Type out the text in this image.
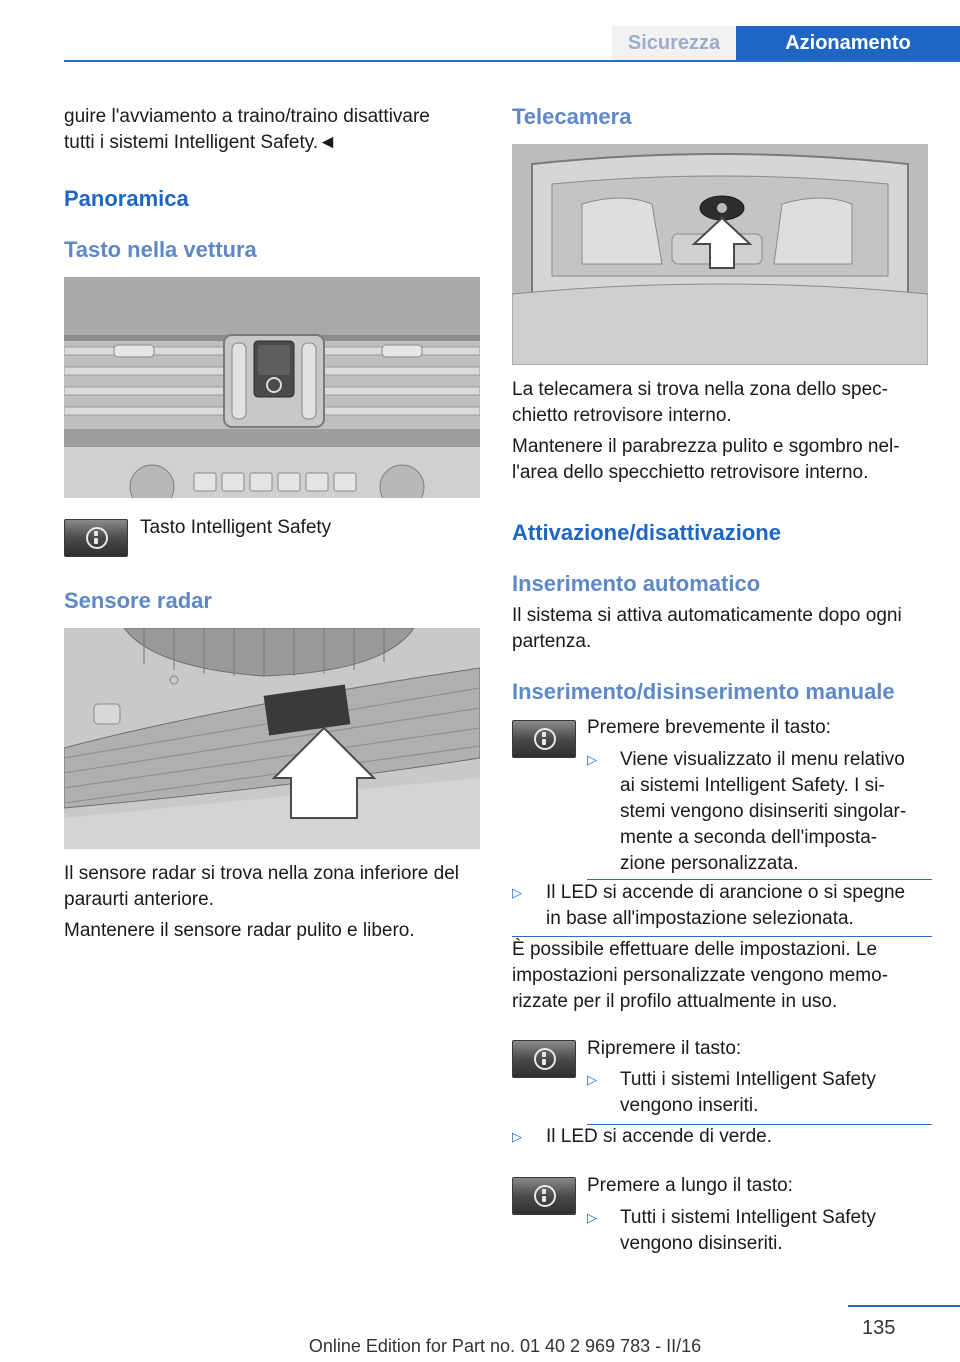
Sicurezza	Azionamento
guire l'avviamento a traino/traino disattivare
tutti i sistemi Intelligent Safety.◄
Panoramica
Tasto nella vettura
Tasto Intelligent Safety
Sensore radar
Il sensore radar si trova nella zona inferiore del
paraurti anteriore.
Mantenere il sensore radar pulito e libero.
Telecamera
La telecamera si trova nella zona dello spec-
chietto retrovisore interno.
Mantenere il parabrezza pulito e sgombro nel-
l'area dello specchietto retrovisore interno.
Attivazione/disattivazione
Inserimento automatico
Il sistema si attiva automaticamente dopo ogni
partenza.
Inserimento/disinserimento manuale
Premere brevemente il tasto:
▷ Viene visualizzato il menu relativo
ai sistemi Intelligent Safety. I si-
stemi vengono disinseriti singolar-
mente a seconda dell'imposta-
zione personalizzata.
▷ Il LED si accende di arancione o si spegne
in base all'impostazione selezionata.
È possibile effettuare delle impostazioni. Le
impostazioni personalizzate vengono memo-
rizzate per il profilo attualmente in uso.
Ripremere il tasto:
▷ Tutti i sistemi Intelligent Safety
vengono inseriti.
▷ Il LED si accende di verde.
Premere a lungo il tasto:
▷ Tutti i sistemi Intelligent Safety
vengono disinseriti.
135
Online Edition for Part no. 01 40 2 969 783 - II/16
